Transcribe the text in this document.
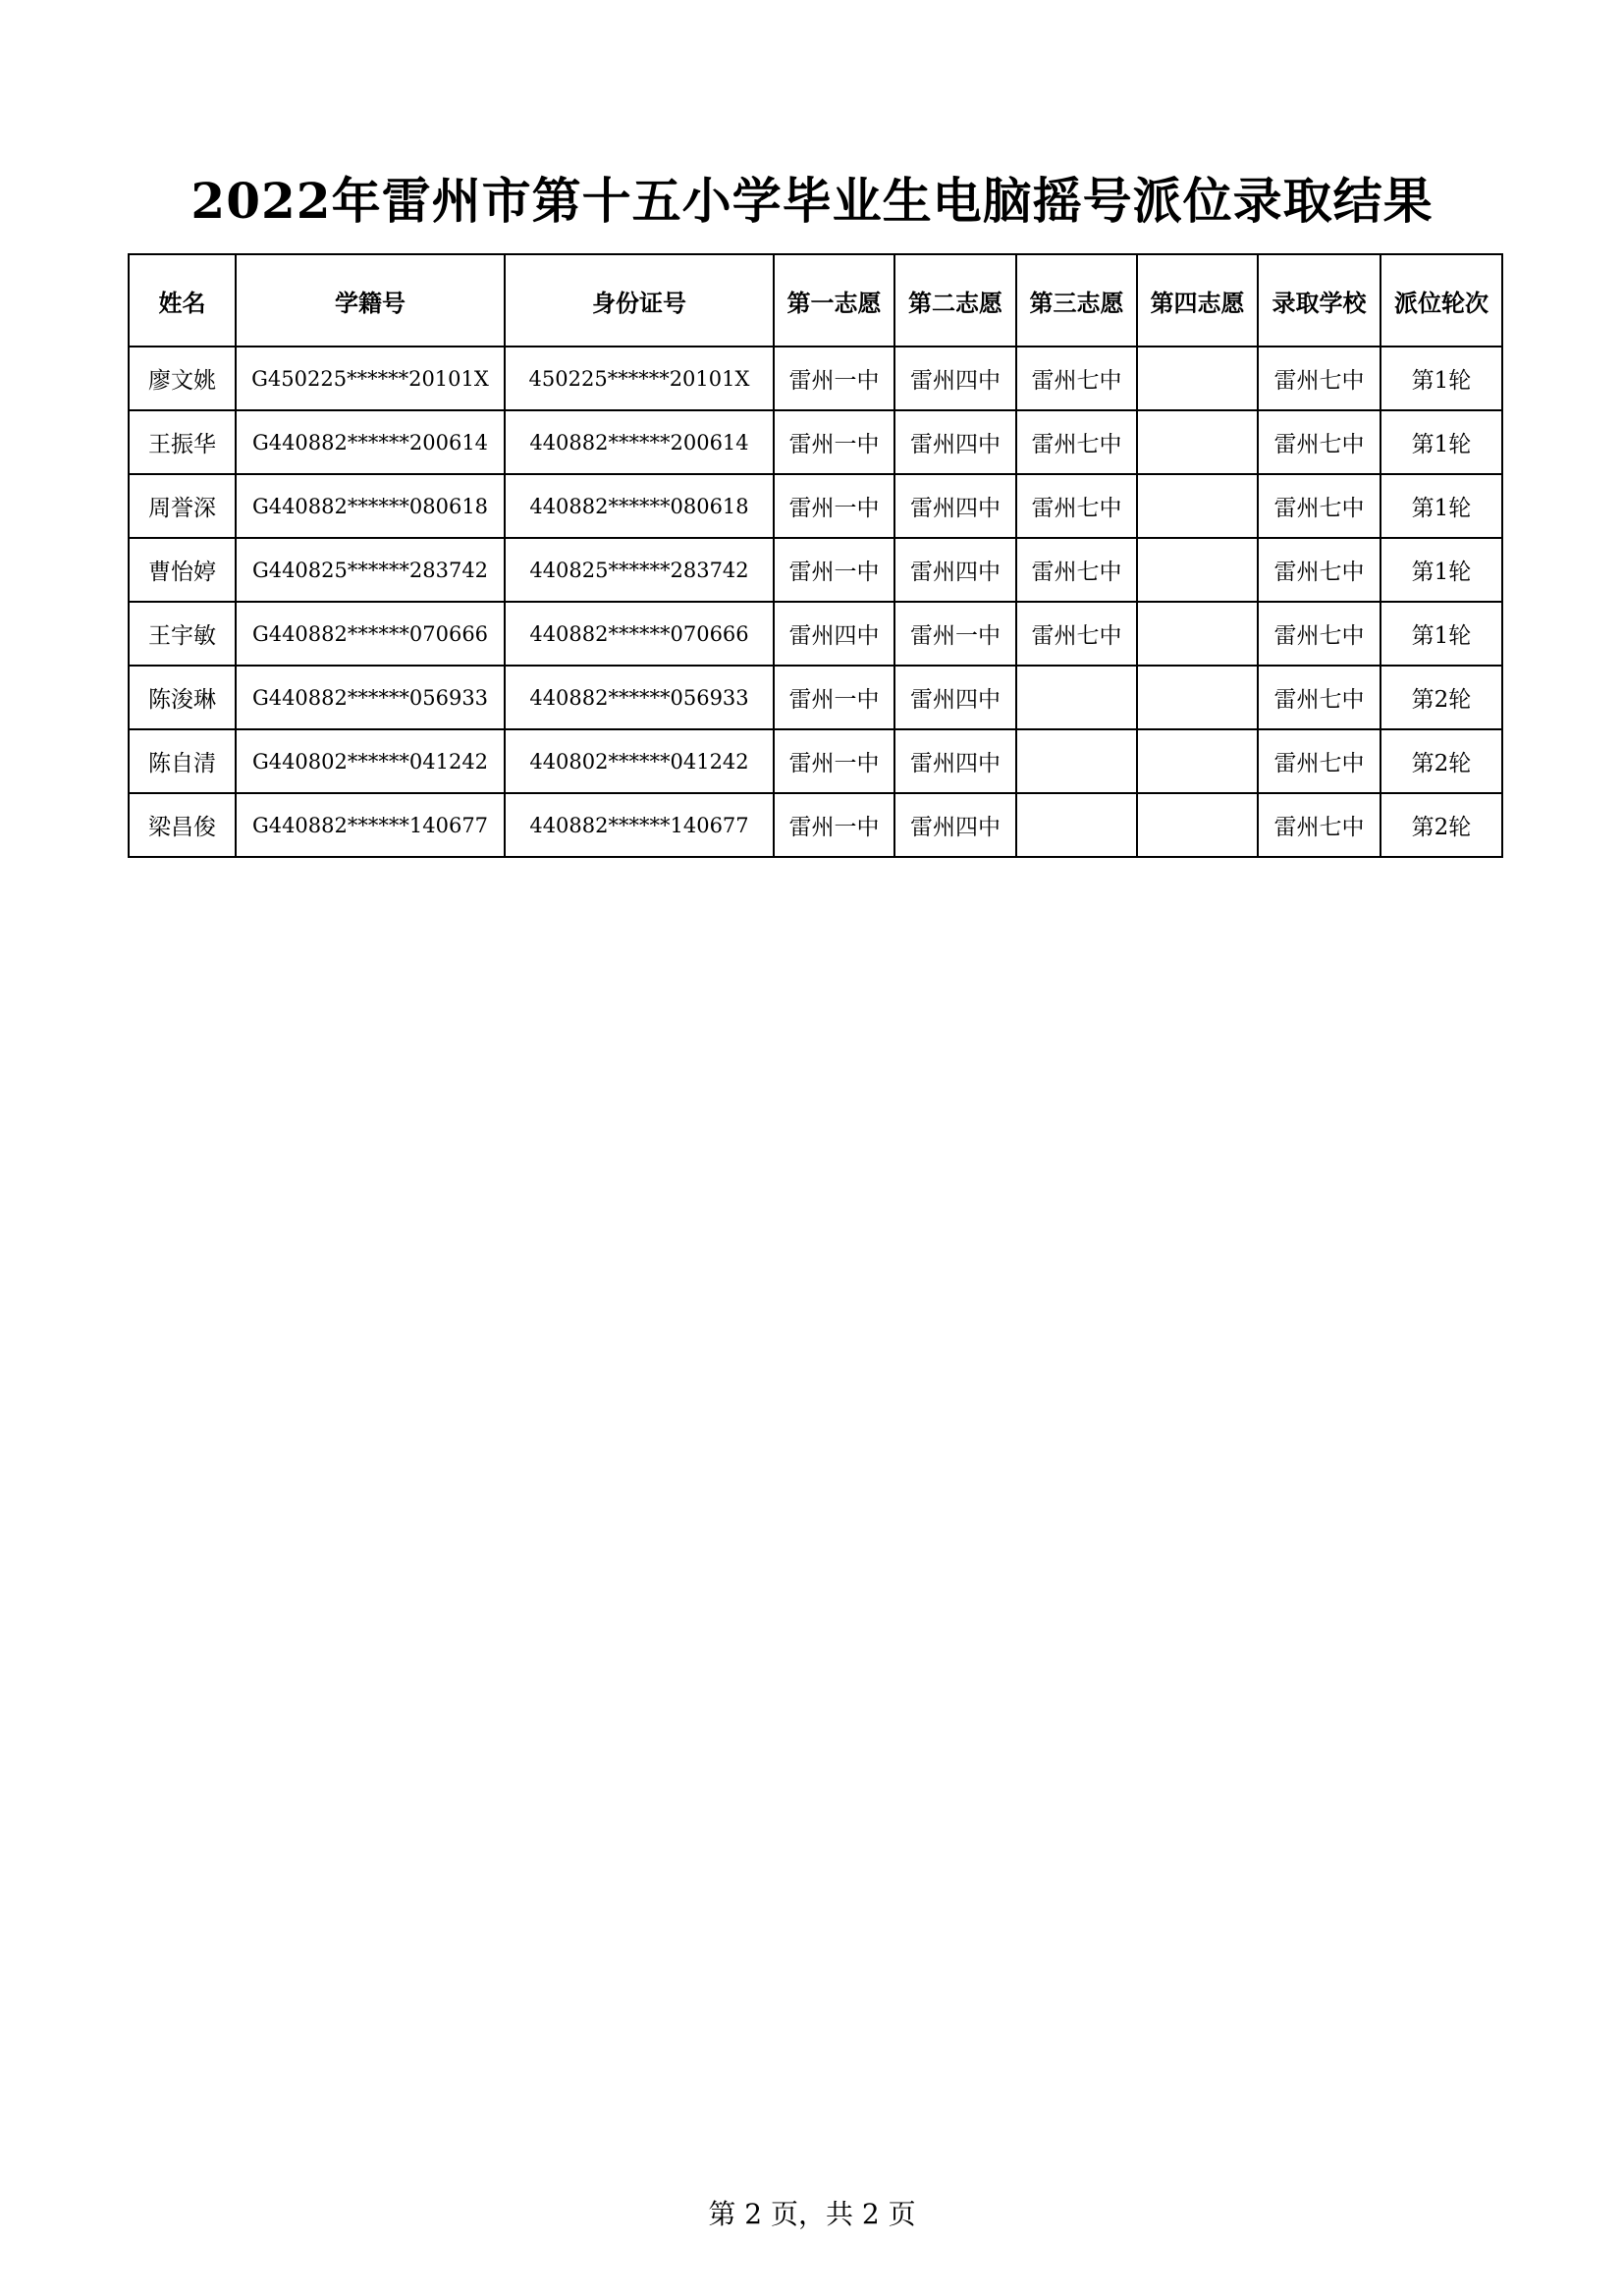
2022年雷州市第十五小学毕业生电脑摇号派位录取结果
姓名	学籍号	身份证号	第一志愿	第二志愿	第三志愿	第四志愿	录取学校	派位轮次
廖文姚	G450225******20101X	450225******20101X	雷州一中	雷州四中	雷州七中		雷州七中	第1轮
王振华	G440882******200614	440882******200614	雷州一中	雷州四中	雷州七中		雷州七中	第1轮
周誉深	G440882******080618	440882******080618	雷州一中	雷州四中	雷州七中		雷州七中	第1轮
曹怡婷	G440825******283742	440825******283742	雷州一中	雷州四中	雷州七中		雷州七中	第1轮
王宇敏	G440882******070666	440882******070666	雷州四中	雷州一中	雷州七中		雷州七中	第1轮
陈浚琳	G440882******056933	440882******056933	雷州一中	雷州四中			雷州七中	第2轮
陈自清	G440802******041242	440802******041242	雷州一中	雷州四中			雷州七中	第2轮
梁昌俊	G440882******140677	440882******140677	雷州一中	雷州四中			雷州七中	第2轮
第 2 页，共 2 页
